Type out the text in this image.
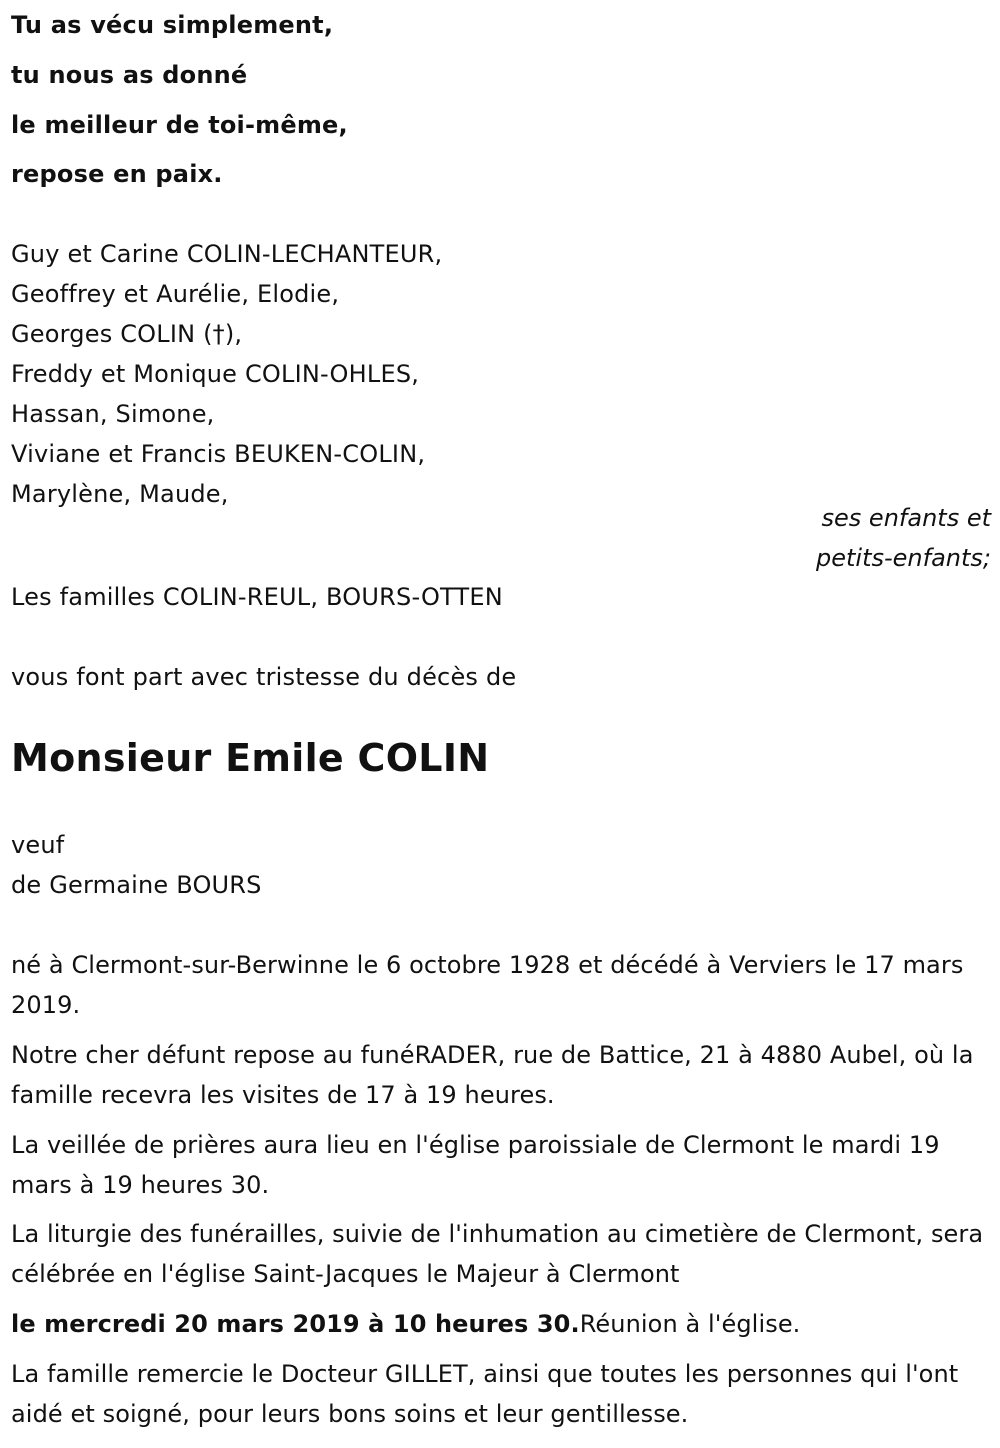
Tu as vécu simplement,
tu nous as donné
le meilleur de toi-même,
repose en paix.
Guy et Carine COLIN-LECHANTEUR,
Geoffrey et Aurélie, Elodie,
Georges COLIN (†),
Freddy et Monique COLIN-OHLES,
Hassan, Simone,
Viviane et Francis BEUKEN-COLIN,
Marylène, Maude,
ses enfants et
petits-enfants;
Les familles COLIN-REUL, BOURS-OTTEN
vous font part avec tristesse du décès de
Monsieur Emile COLIN
veuf
de Germaine BOURS
né à Clermont-sur-Berwinne le 6 octobre 1928 et décédé à Verviers le 17 mars 2019.
Notre cher défunt repose au funéRADER, rue de Battice, 21 à 4880 Aubel, où la famille recevra les visites de 17 à 19 heures.
La veillée de prières aura lieu en l'église paroissiale de Clermont le mardi 19 mars à 19 heures 30.
La liturgie des funérailles, suivie de l'inhumation au cimetière de Clermont, sera célébrée en l'église Saint-Jacques le Majeur à Clermont
le mercredi 20 mars 2019 à 10 heures 30.Réunion à l'église.
La famille remercie le Docteur GILLET, ainsi que toutes les personnes qui l'ont aidé et soigné, pour leurs bons soins et leur gentillesse.
